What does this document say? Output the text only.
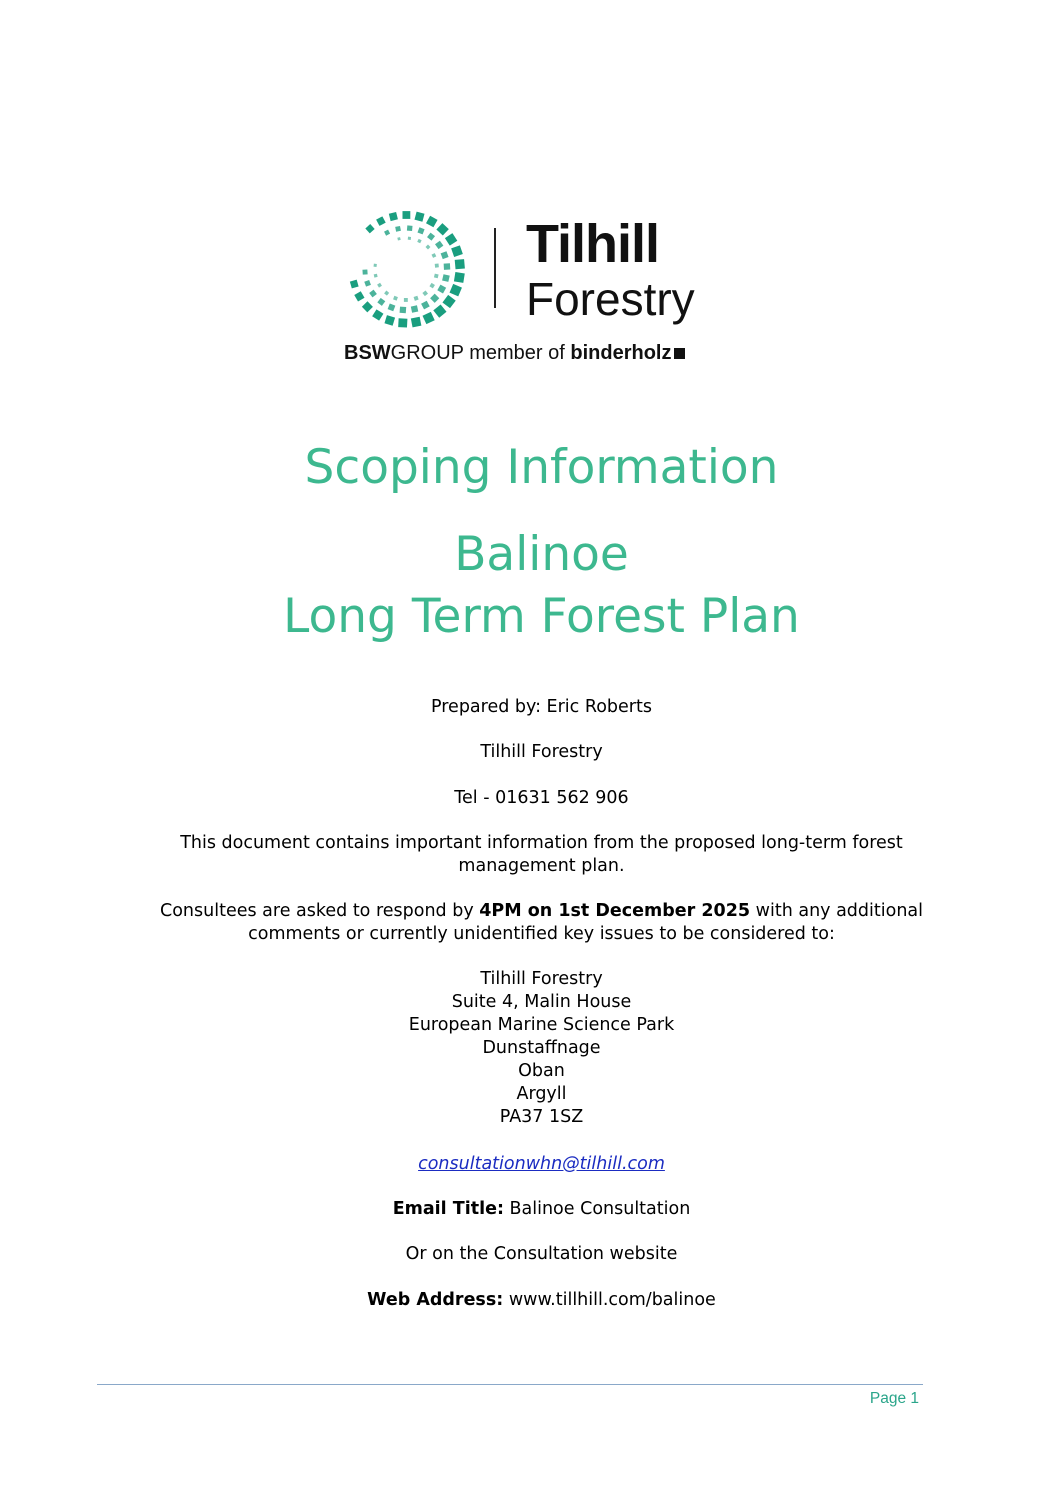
Tilhill
Forestry
BSWGROUP member of binderholz
Scoping Information
Balinoe
Long Term Forest Plan
Prepared by: Eric Roberts
Tilhill Forestry
Tel - 01631 562 906
This document contains important information from the proposed long-term forest
management plan.
Consultees are asked to respond by 4PM on 1st December 2025 with any additional
comments or currently unidentified key issues to be considered to:
Tilhill Forestry
Suite 4, Malin House
European Marine Science Park
Dunstaffnage
Oban
Argyll
PA37 1SZ
consultationwhn@tilhill.com
Email Title: Balinoe Consultation
Or on the Consultation website
Web Address: www.tillhill.com/balinoe
Page 1
